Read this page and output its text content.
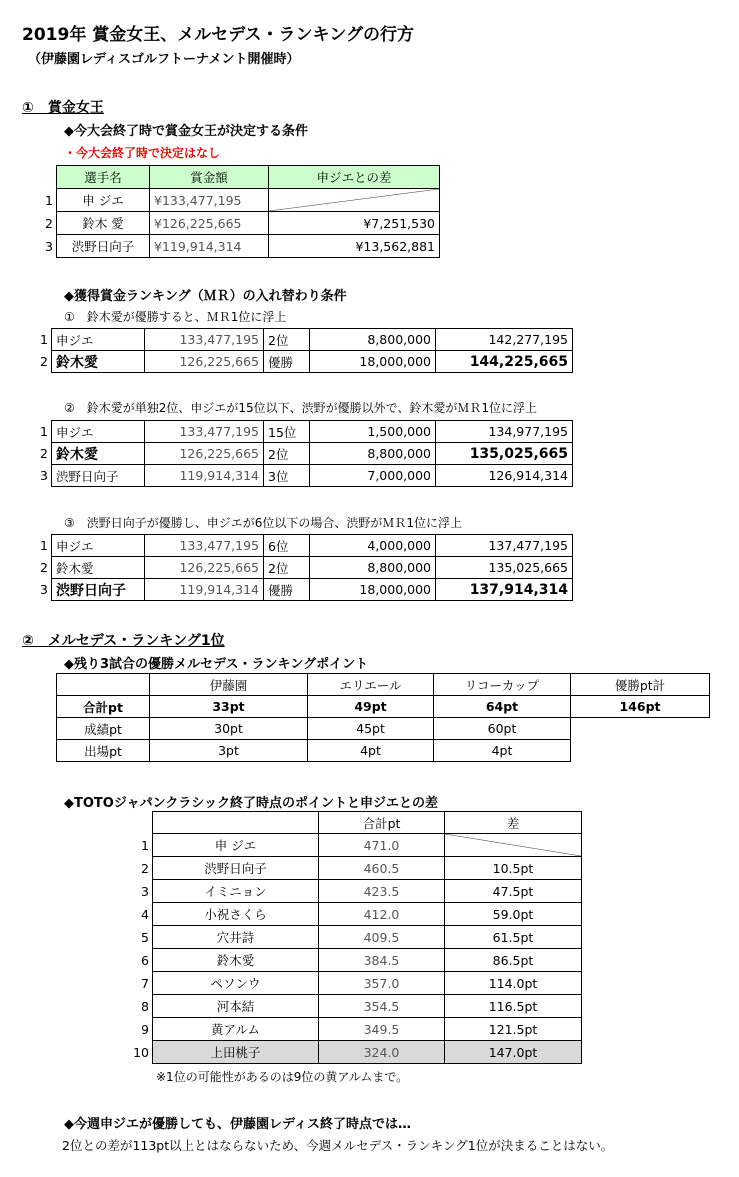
2019年 賞金女王、メルセデス・ランキングの行方
（伊藤園レディスゴルフトーナメント開催時）
①　賞金女王
◆今大会終了時で賞金女王が決定する条件
・今大会終了時で決定はなし
	選手名	賞金額	申ジエとの差
1	申 ジエ	¥133,477,195	

2	鈴木 愛	¥126,225,665	¥7,251,530
3	渋野日向子	¥119,914,314	¥13,562,881
◆獲得賞金ランキング（ＭＲ）の入れ替わり条件
①　鈴木愛が優勝すると、ＭＲ1位に浮上
1	申ジエ	133,477,195	2位	8,800,000	142,277,195
2	鈴木愛	126,225,665	優勝	18,000,000	144,225,665
②　鈴木愛が単独2位、申ジエが15位以下、渋野が優勝以外で、鈴木愛がＭＲ1位に浮上
1	申ジエ	133,477,195	15位	1,500,000	134,977,195
2	鈴木愛	126,225,665	2位	8,800,000	135,025,665
3	渋野日向子	119,914,314	3位	7,000,000	126,914,314
③　渋野日向子が優勝し、申ジエが6位以下の場合、渋野がＭＲ1位に浮上
1	申ジエ	133,477,195	6位	4,000,000	137,477,195
2	鈴木愛	126,225,665	2位	8,800,000	135,025,665
3	渋野日向子	119,914,314	優勝	18,000,000	137,914,314
②　メルセデス・ランキング1位
◆残り3試合の優勝メルセデス・ランキングポイント
	伊藤園	エリエール	リコーカップ	優勝pt計
合計pt	33pt	49pt	64pt	146pt
成績pt	30pt	45pt	60pt	
出場pt	3pt	4pt	4pt	
◆TOTOジャパンクラシック終了時点のポイントと申ジエとの差
		合計pt	差
1	申 ジエ	471.0	

2	渋野日向子	460.5	10.5pt
3	イミニョン	423.5	47.5pt
4	小祝さくら	412.0	59.0pt
5	穴井詩	409.5	61.5pt
6	鈴木愛	384.5	86.5pt
7	ペソンウ	357.0	114.0pt
8	河本結	354.5	116.5pt
9	黄アルム	349.5	121.5pt
10	上田桃子	324.0	147.0pt
※1位の可能性があるのは9位の黄アルムまで。
◆今週申ジエが優勝しても、伊藤園レディス終了時点では…
2位との差が113pt以上とはならないため、今週メルセデス・ランキング1位が決まることはない。
